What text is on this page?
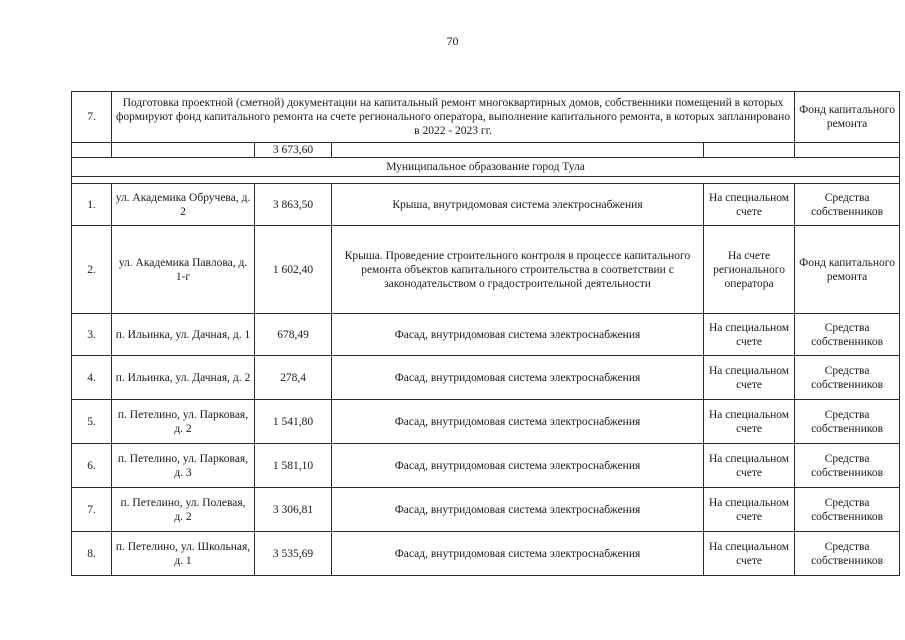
70
7.	Подготовка проектной (сметной) документации на капитальный ремонт многоквартирных домов, собственники помещений в которых формируют фонд капитального ремонта на счете регионального оператора, выполнение капитального ремонта, в которых запланировано в 2022 - 2023 гг.				Фонд капитального ремонта
		3 673,60			
Муниципальное образование город Тула					

1.	ул. Академика Обручева, д. 2	3 863,50	Крыша, внутридомовая система электроснабжения	На специальном счете	Средства собственников
2.	ул. Академика Павлова, д. 1-г	1 602,40	Крыша. Проведение строительного контроля в процессе капитального ремонта объектов капитального строительства в соответствии с законодательством о градостроительной деятельности	На счете регионального оператора	Фонд капитального ремонта
3.	п. Ильинка, ул. Дачная, д. 1	678,49	Фасад, внутридомовая система электроснабжения	На специальном счете	Средства собственников
4.	п. Ильинка, ул. Дачная, д. 2	278,4	Фасад, внутридомовая система электроснабжения	На специальном счете	Средства собственников
5.	п. Петелино, ул. Парковая, д. 2	1 541,80	Фасад, внутридомовая система электроснабжения	На специальном счете	Средства собственников
6.	п. Петелино, ул. Парковая, д. 3	1 581,10	Фасад, внутридомовая система электроснабжения	На специальном счете	Средства собственников
7.	п. Петелино, ул. Полевая, д. 2	3 306,81	Фасад, внутридомовая система электроснабжения	На специальном счете	Средства собственников
8.	п. Петелино, ул. Школьная, д. 1	3 535,69	Фасад, внутридомовая система электроснабжения	На специальном счете	Средства собственников
